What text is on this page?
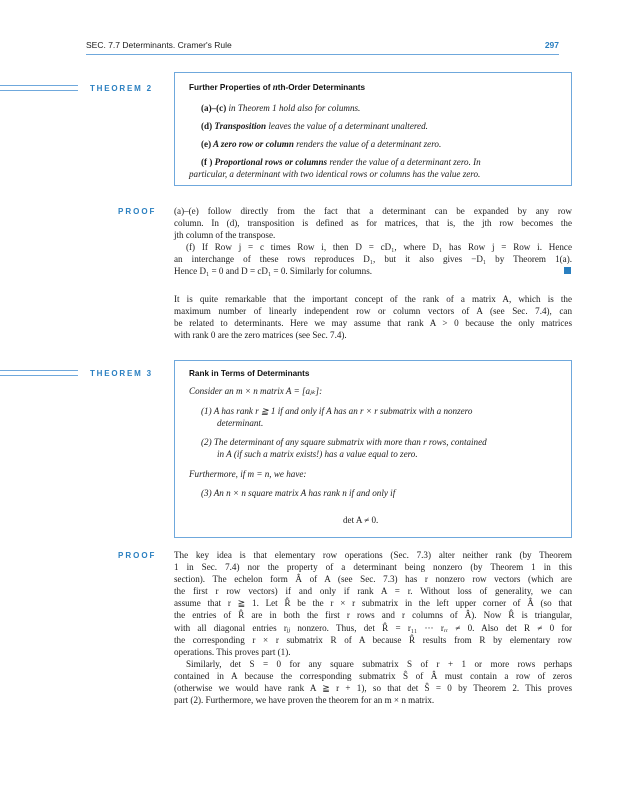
SEC. 7.7 Determinants. Cramer's Rule	297
THEOREM 2	Further Properties of nth-Order Determinants
(a)–(c) in Theorem 1 hold also for columns.
(d) Transposition leaves the value of a determinant unaltered.
(e) A zero row or column renders the value of a determinant zero.
(f ) Proportional rows or columns render the value of a determinant zero. In
particular, a determinant with two identical rows or columns has the value zero.
PROOF (a)–(e) follow directly from the fact that a determinant can be expanded by any row
column. In (d), transposition is defined as for matrices, that is, the jth row becomes the
jth column of the transpose.
(f) If Row j = c times Row i, then D = cD₁, where D₁ has Row j = Row i. Hence
an interchange of these rows reproduces D₁, but it also gives −D₁ by Theorem 1(a).
Hence D₁ = 0 and D = cD₁ = 0. Similarly for columns.
It is quite remarkable that the important concept of the rank of a matrix A, which is the
maximum number of linearly independent row or column vectors of A (see Sec. 7.4), can
be related to determinants. Here we may assume that rank A > 0 because the only matrices
with rank 0 are the zero matrices (see Sec. 7.4).
THEOREM 3	Rank in Terms of Determinants
Consider an m × n matrix A = [aⱼₖ]:
(1) A has rank r ≧ 1 if and only if A has an r × r submatrix with a nonzero
determinant.
(2) The determinant of any square submatrix with more than r rows, contained
in A (if such a matrix exists!) has a value equal to zero.
Furthermore, if m = n, we have:
(3) An n × n square matrix A has rank n if and only if
det A ≠ 0.
PROOF The key idea is that elementary row operations (Sec. 7.3) alter neither rank (by Theorem
1 in Sec. 7.4) nor the property of a determinant being nonzero (by Theorem 1 in this
section). The echelon form Â of A (see Sec. 7.3) has r nonzero row vectors (which are
the first r row vectors) if and only if rank A = r. Without loss of generality, we can
assume that r ≧ 1. Let R̂ be the r × r submatrix in the left upper corner of Â (so that
the entries of R̂ are in both the first r rows and r columns of Â). Now R̂ is triangular,
with all diagonal entries rⱼⱼ nonzero. Thus, det R̂ = r₁₁ ··· rᵣᵣ ≠ 0. Also det R ≠ 0 for
the corresponding r × r submatrix R of A because R̂ results from R by elementary row
operations. This proves part (1).
Similarly, det S = 0 for any square submatrix S of r + 1 or more rows perhaps
contained in A because the corresponding submatrix Ŝ of Â must contain a row of zeros
(otherwise we would have rank A ≧ r + 1), so that det Ŝ = 0 by Theorem 2. This proves
part (2). Furthermore, we have proven the theorem for an m × n matrix.
